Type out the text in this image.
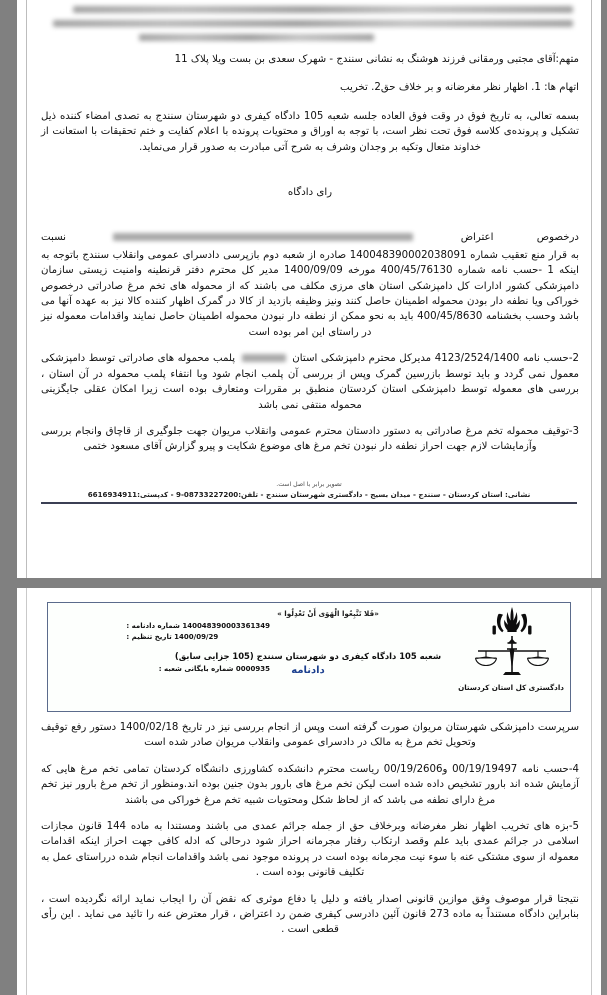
متهم:آقای مجتبی ورمقانی فرزند هوشنگ به نشانی سنندج - شهرک سعدی بن بست ویلا پلاک 11

اتهام ها: 1. اظهار نظر مغرضانه و بر خلاف حق2. تخریب

بسمه تعالی، به تاریخ فوق در وقت فوق العاده جلسه شعبه 105 دادگاه کیفری دو شهرستان سنندج به تصدی امضاء کننده ذیل تشکیل و پرونده‌ی کلاسه فوق تحت نظر است، با توجه به اوراق و محتویات پرونده با اعلام کفایت و ختم تحقیقات با استعانت از خداوند متعال وتکیه بر وجدان وشرف به شرح آتی مبادرت به صدور قرار می‌نماید.

رای دادگاه

درخصوص اعتراض  نسبت

به قرار منع تعقیب شماره 140048390002038091 صادره از شعبه دوم بازپرسی دادسرای عمومی وانقلاب سنندج باتوجه به اینکه 1 -حسب نامه شماره 400/45/76130 مورخه 1400/09/09 مدیر کل محترم دفتر قرنطینه وامنیت زیستی سازمان دامپزشکی کشور ادارات کل دامپزشکی استان های مرزی مکلف می باشند که از محموله های تخم مرغ صادراتی درخصوص خوراکی ویا نطفه دار بودن محموله اطمینان حاصل کنند ونیز وظیفه بازدید از کالا در گمرک اظهار کننده کالا نیز به عهده آنها می باشد وحسب بخشنامه 400/45/8630 باید به نحو ممکن از نطفه دار نبودن محموله اطمینان حاصل نمایند واقدامات معموله نیز در راستای این امر بوده است

2-حسب نامه 4123/2524/1400 مدیرکل محترم دامپزشکی استان  پلمب محموله های صادراتی توسط دامپزشکی معمول نمی گردد و باید توسط بازرسین گمرک وپس از بررسی آن پلمب انجام شود وبا انتفاء پلمب محموله در آن استان ، بررسی های معموله توسط دامپزشکی استان کردستان منطبق بر مقررات ومتعارف بوده است زیرا امکان عقلی جایگزینی محموله منتفی نمی باشد

3-توقیف محموله تخم مرغ صادراتی به دستور دادستان محترم عمومی وانقلاب مریوان جهت جلوگیری از قاچاق وانجام بررسی وآزمایشات لازم جهت احراز نطفه دار نبودن تخم مرغ های موضوع شکایت و پیرو گزارش آقای مسعود ختمی

تصویر برابر با اصل است.
نشانی: استان کردستان - سنندج - میدان بسیج - دادگستری شهرستان سنندج - تلفن:08733227200-9 - کدپستی:6616934911
دادگستری کل استان کردستان
«فَلا تَتَّبِعُوا الْهَوَى أَنْ تَعْدِلُوا »
140048390003361349 شماره دادنامه :
1400/09/29 تاریخ تنظیم :
شعبه 105 دادگاه کیفری دو شهرستان سنندج (105 جزایی سابق)
0000935 شماره بایگانی شعبه :	دادنامه

سرپرست دامپزشکی شهرستان مریوان صورت گرفته است وپس از انجام بررسی نیز در تاریخ 1400/02/18 دستور رفع توقیف وتحویل تخم مرغ به مالک در دادسرای عمومی وانقلاب مریوان صادر شده است

4-حسب نامه 00/19/19497 و00/19/2606 ریاست محترم دانشکده کشاورزی دانشگاه کردستان تمامی تخم مرغ هایی که آزمایش شده اند بارور تشخیص داده شده است لیکن تخم مرغ های بارور بدون جنین بوده اند.ومنظور از تخم مرغ بارور نیز تخم مرغ دارای نطفه می باشد که از لحاظ شکل ومحتویات شبیه تخم مرغ خوراکی می باشند

5-بزه های تخریب اظهار نظر مغرضانه وبرخلاف حق از جمله جرائم عمدی می باشند ومستندا به ماده 144 قانون مجازات اسلامی در جرائم عمدی باید علم وقصد ارتکاب رفتار مجرمانه احراز شود درحالی که ادله کافی جهت احراز اینکه اقدامات معموله از سوی مشتکی عنه با سوء نیت مجرمانه بوده است در پرونده موجود نمی باشد واقدامات انجام شده درراستای عمل به تکلیف قانونی بوده است .

نتیجتا قرار موصوف وفق موازین قانونی اصدار یافته و دلیل یا دفاع موثری که نقض آن را ایجاب نماید ارائه نگردیده است ، بنابراین دادگاه مستنداً به ماده 273 قانون آئین دادرسی کیفری ضمن رد اعتراض ، قرار معترض عنه را تائید می نماید . این رأی قطعی است .
